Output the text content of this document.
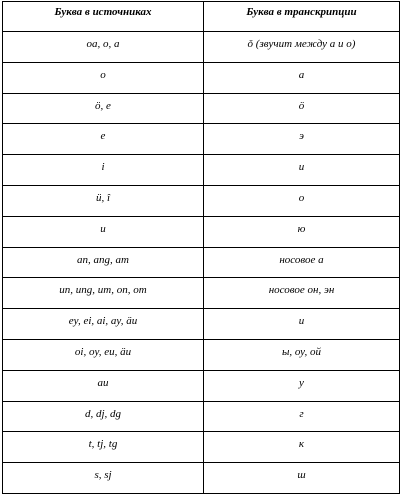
Буква в источниках	Буква в транскрипции
oa, o, a	ǒ (звучит между а и о)
o	а
ö, e	ö
e	э
i	и
ü, î	о
u	ю
an, ang, am	носовое а
un, ung, um, on, om	носовое он, эн
ey, ei, ai, ay, äu	и
oi, oy, eu, äu	ы, оу, ой
au	у
d, dj, dg	г
t, tj, tg	к
s, sj	ш
